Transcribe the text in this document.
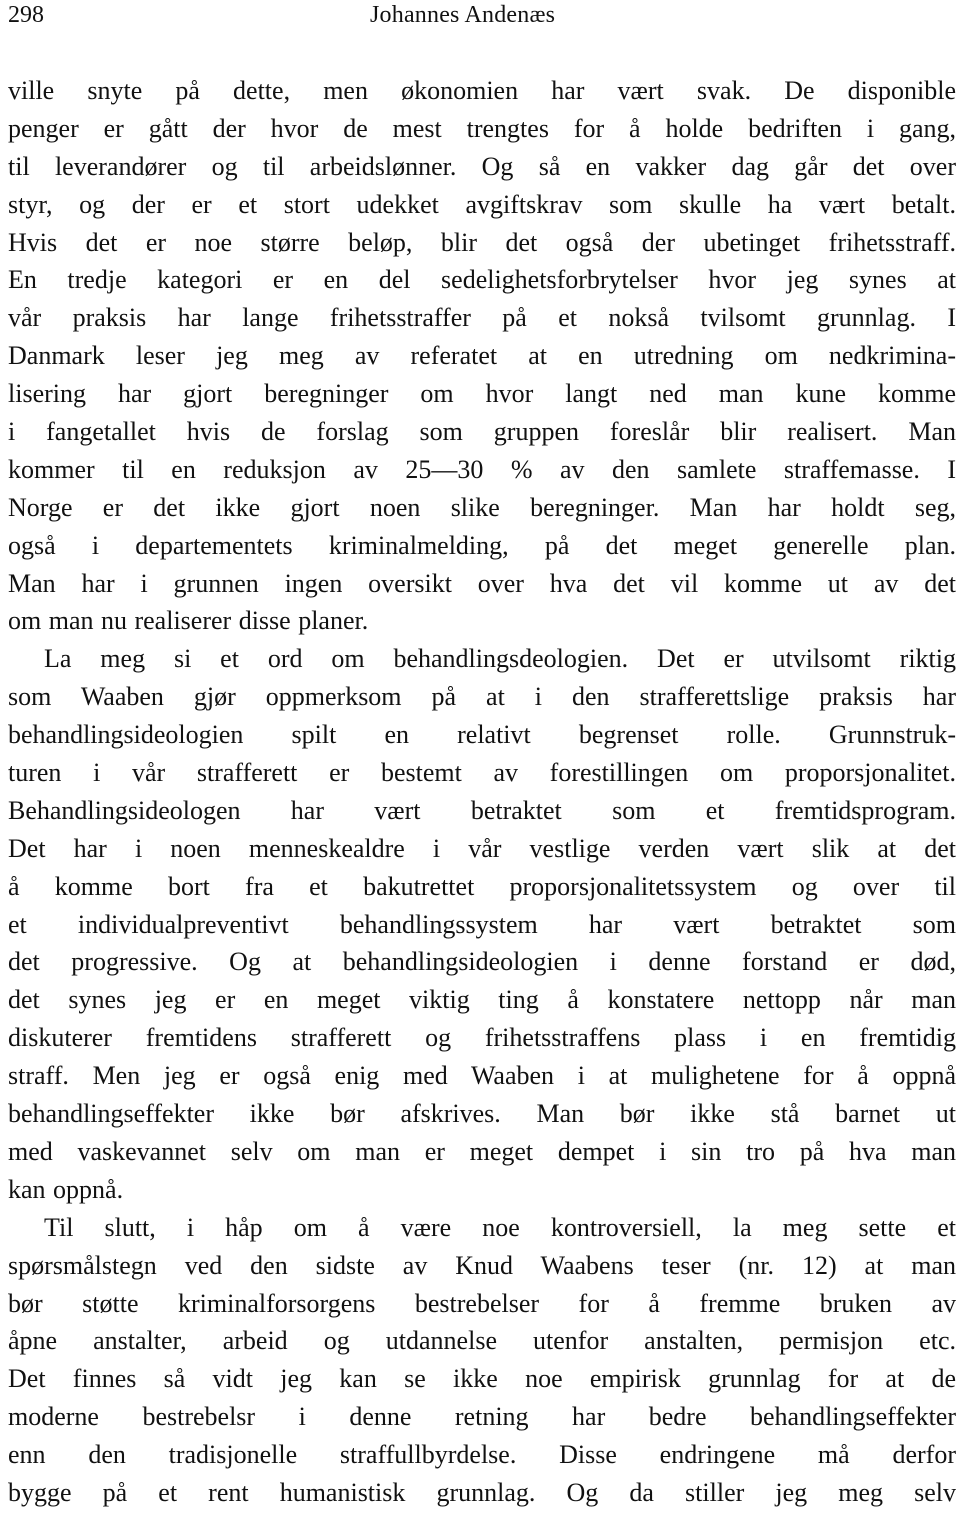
298	Johannes Andenæs
ville snyte på dette, men økonomien har vært svak. De disponible
penger er gått der hvor de mest trengtes for å holde bedriften i gang,
til leverandører og til arbeidslønner. Og så en vakker dag går det over
styr, og der er et stort udekket avgiftskrav som skulle ha vært betalt.
Hvis det er noe større beløp, blir det også der ubetinget frihetsstraff.
En tredje kategori er en del sedelighetsforbrytelser hvor jeg synes at
vår praksis har lange frihetsstraffer på et nokså tvilsomt grunnlag. I
Danmark leser jeg meg av referatet at en utredning om nedkrimina-
lisering har gjort beregninger om hvor langt ned man kune komme
i fangetallet hvis de forslag som gruppen foreslår blir realisert. Man
kommer til en reduksjon av 25—30 % av den samlete straffemasse. I
Norge er det ikke gjort noen slike beregninger. Man har holdt seg,
også i departementets kriminalmelding, på det meget generelle plan.
Man har i grunnen ingen oversikt over hva det vil komme ut av det
om man nu realiserer disse planer.
La meg si et ord om behandlingsdeologien. Det er utvilsomt riktig
som Waaben gjør oppmerksom på at i den strafferettslige praksis har
behandlingsideologien spilt en relativt begrenset rolle. Grunnstruk-
turen i vår strafferett er bestemt av forestillingen om proporsjonalitet.
Behandlingsideologen har vært betraktet som et fremtidsprogram.
Det har i noen menneskealdre i vår vestlige verden vært slik at det
å komme bort fra et bakutrettet proporsjonalitetssystem og over til
et individualpreventivt behandlingssystem har vært betraktet som
det progressive. Og at behandlingsideologien i denne forstand er død,
det synes jeg er en meget viktig ting å konstatere nettopp når man
diskuterer fremtidens strafferett og frihetsstraffens plass i en fremtidig
straff. Men jeg er også enig med Waaben i at mulighetene for å oppnå
behandlingseffekter ikke bør afskrives. Man bør ikke stå barnet ut
med vaskevannet selv om man er meget dempet i sin tro på hva man
kan oppnå.
Til slutt, i håp om å være noe kontroversiell, la meg sette et
spørsmålstegn ved den sidste av Knud Waabens teser (nr. 12) at man
bør støtte kriminalforsorgens bestrebelser for å fremme bruken av
åpne anstalter, arbeid og utdannelse utenfor anstalten, permisjon etc.
Det finnes så vidt jeg kan se ikke noe empirisk grunnlag for at de
moderne bestrebelsr i denne retning har bedre behandlingseffekter
enn den tradisjonelle straffullbyrdelse. Disse endringene må derfor
bygge på et rent humanistisk grunnlag. Og da stiller jeg meg selv
